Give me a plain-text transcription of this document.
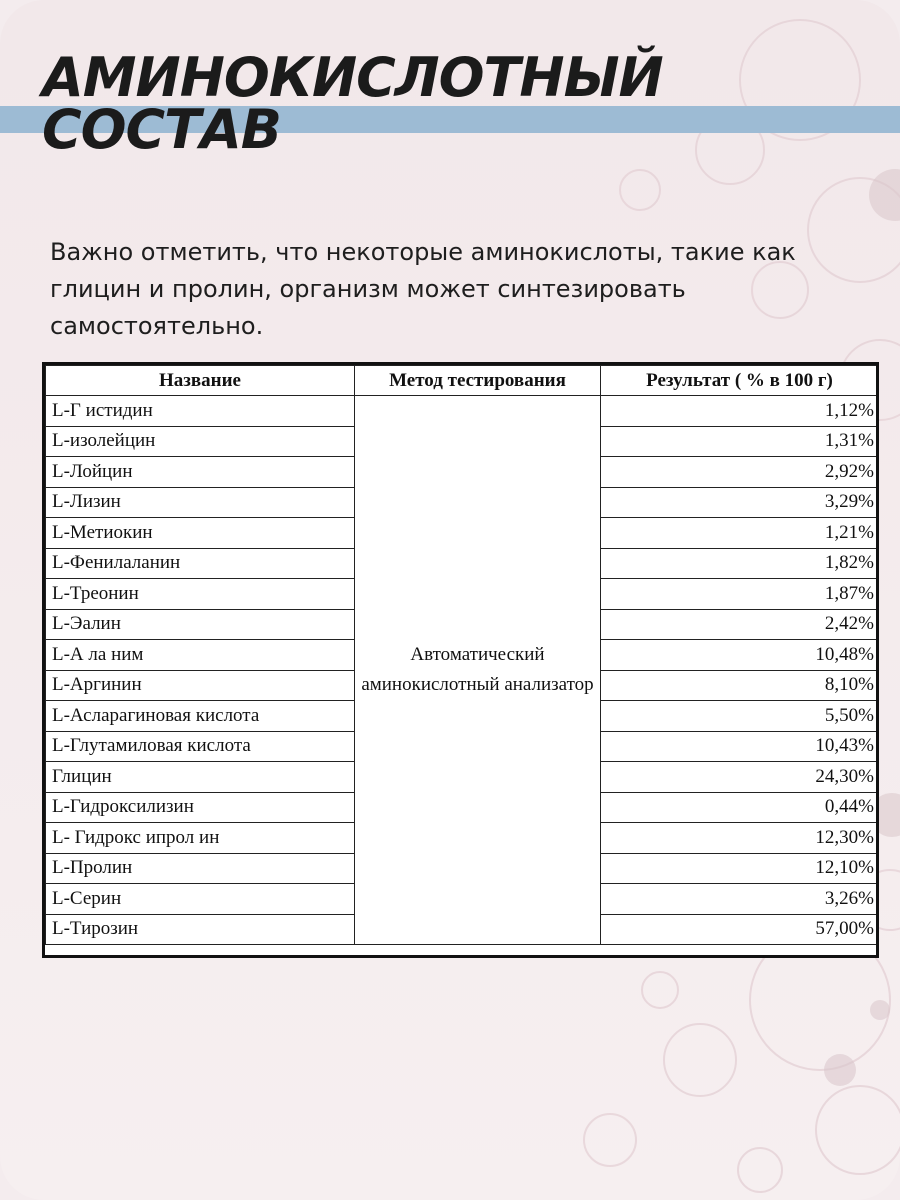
АМИНОКИСЛОТНЫЙ
СОСТАВ

Важно отметить, что некоторые аминокислоты, такие как глицин и пролин, организм может синтезировать самостоятельно.

Название	Метод тестирования	Результат ( % в 100 г)
L-Г истидин	Автоматический аминокислотный анализатор	1,12%
L-изолейцин		1,31%
L-Лойцин		2,92%
L-Лизин		3,29%
L-Метиокин		1,21%
L-Фенилаланин		1,82%
L-Треонин		1,87%
L-Эалин		2,42%
L-А ла ним		10,48%
L-Аргинин		8,10%
L-Асларагиновая кислота		5,50%
L-Глутамиловая кислота		10,43%
Глицин		24,30%
L-Гидроксилизин		0,44%
L- Гидрокс ипрол ин		12,30%
L-Пролин		12,10%
L-Серин		3,26%
L-Тирозин		57,00%
